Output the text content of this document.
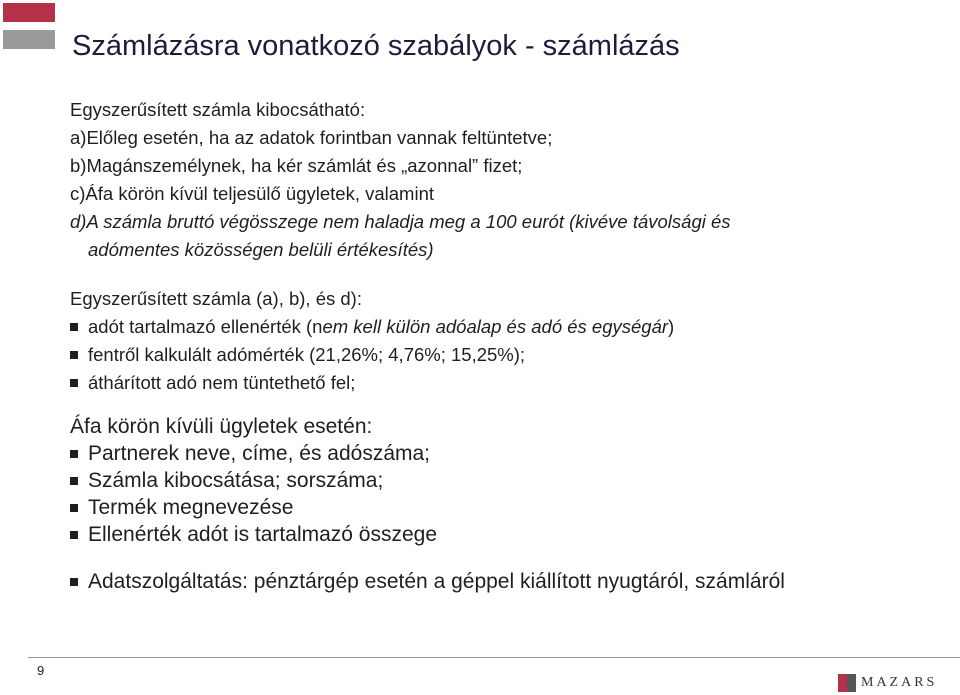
Számlázásra vonatkozó szabályok - számlázás
Egyszerűsített számla kibocsátható:
a)Előleg esetén, ha az adatok forintban vannak feltüntetve;
b)Magánszemélynek, ha kér számlát és „azonnal” fizet;
c)Áfa körön kívül teljesülő ügyletek, valamint
d)A számla bruttó végösszege nem haladja meg a 100 eurót (kivéve távolsági és
adómentes közösségen belüli értékesítés)
Egyszerűsített számla (a), b), és d):
adót tartalmazó ellenérték (nem kell külön adóalap és adó és egységár)
fentről kalkulált adómérték (21,26%; 4,76%; 15,25%);
áthárított adó nem tüntethető fel;
Áfa körön kívüli ügyletek esetén:
Partnerek neve, címe, és adószáma;
Számla kibocsátása; sorszáma;
Termék megnevezése
Ellenérték adót is tartalmazó összege
Adatszolgáltatás: pénztárgép esetén a géppel kiállított nyugtáról, számláról
9
MAZARS
